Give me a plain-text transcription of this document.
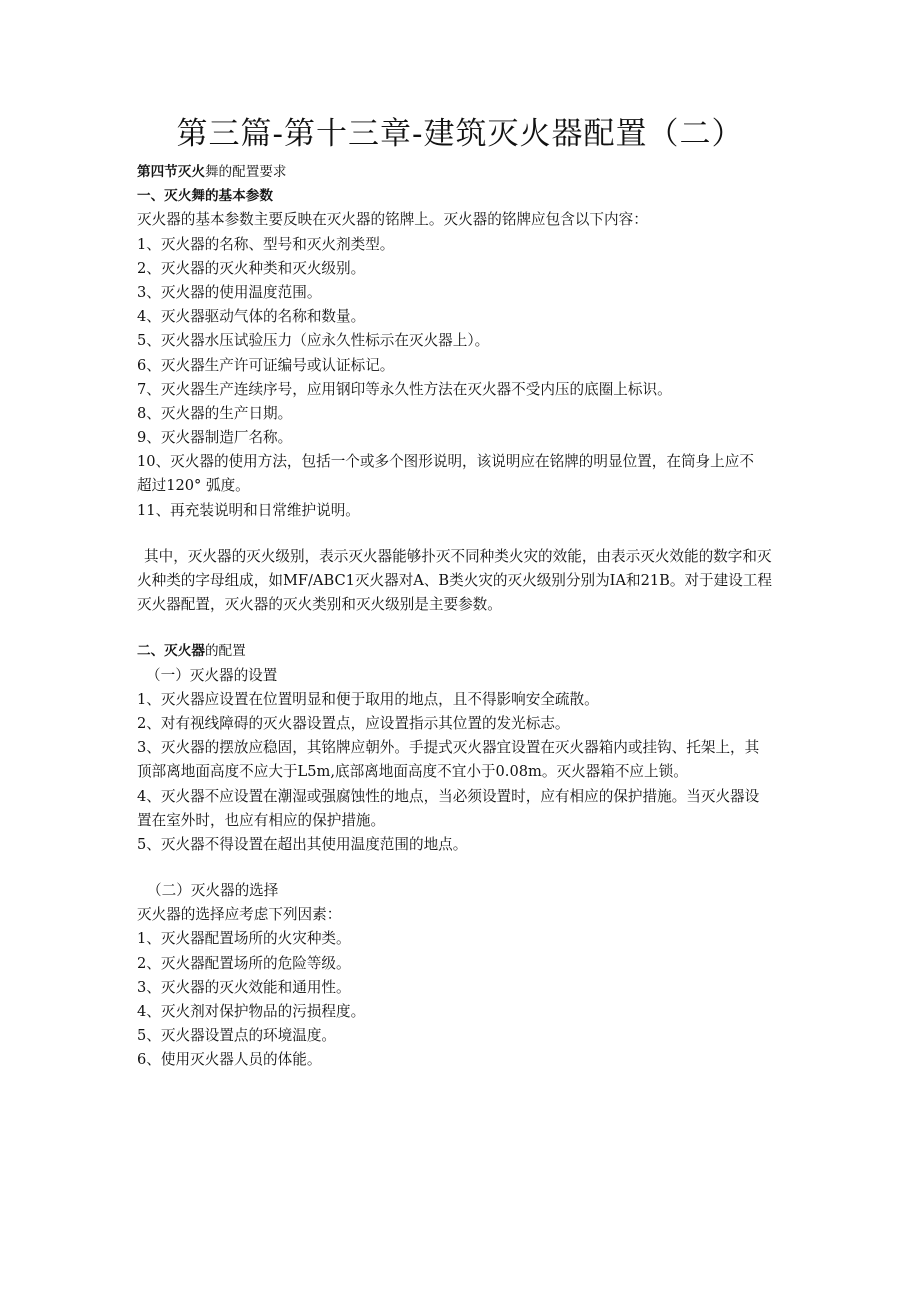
第三篇-第十三章-建筑灭火器配置（二）
第四节灭火舞的配置要求
一、灭火舞的基本参数
灭火器的基本参数主要反映在灭火器的铭牌上。灭火器的铭牌应包含以下内容：
1、灭火器的名称、型号和灭火剂类型。
2、灭火器的灭火种类和灭火级别。
3、灭火器的使用温度范围。
4、灭火器驱动气体的名称和数量。
5、灭火器水压试验压力（应永久性标示在灭火器上）。
6、灭火器生产许可证编号或认证标记。
7、灭火器生产连续序号，应用钢印等永久性方法在灭火器不受内压的底圈上标识。
8、灭火器的生产日期。
9、灭火器制造厂名称。
10、灭火器的使用方法，包括一个或多个图形说明，该说明应在铭牌的明显位置，在筒身上应不
超过120° 弧度。
11、再充装说明和日常维护说明。
其中，灭火器的灭火级别，表示灭火器能够扑灭不同种类火灾的效能，由表示灭火效能的数字和灭
火种类的字母组成，如MF/ABC1灭火器对A、B类火灾的灭火级别分别为IA和21B。对于建设工程
灭火器配置，灭火器的灭火类别和灭火级别是主要参数。
二、灭火器的配置
（一）灭火器的设置
1、灭火器应设置在位置明显和便于取用的地点，且不得影响安全疏散。
2、对有视线障碍的灭火器设置点，应设置指示其位置的发光标志。
3、灭火器的摆放应稳固，其铭牌应朝外。手提式灭火器宜设置在灭火器箱内或挂钩、托架上，其
顶部离地面高度不应大于L5m,底部离地面高度不宜小于0.08m。灭火器箱不应上锁。
4、灭火器不应设置在潮湿或强腐蚀性的地点，当必须设置时，应有相应的保护措施。当灭火器设
置在室外时，也应有相应的保护措施。
5、灭火器不得设置在超出其使用温度范围的地点。
（二）灭火器的选择
灭火器的选择应考虑下列因素：
1、灭火器配置场所的火灾种类。
2、灭火器配置场所的危险等级。
3、灭火器的灭火效能和通用性。
4、灭火剂对保护物品的污损程度。
5、灭火器设置点的环境温度。
6、使用灭火器人员的体能。
